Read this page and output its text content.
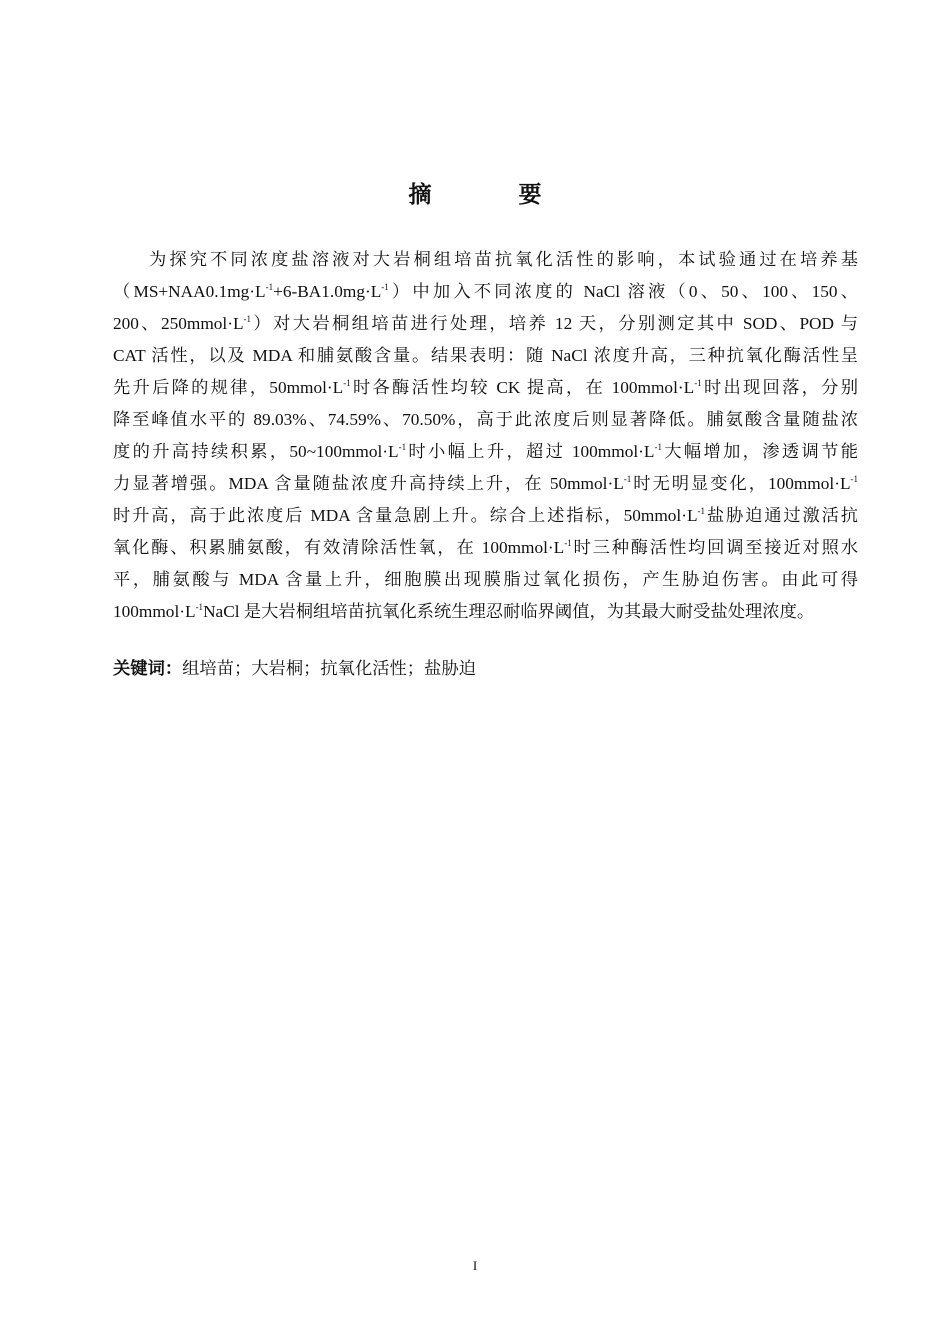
摘　要

为探究不同浓度盐溶液对大岩桐组培苗抗氧化活性的影响，本试验通过在培养基
$(MS+NAA0.1mg\cdot L^{-1}+6-BA1.0mg\cdot L^{-1})$中加入不同浓度的 NaCl 溶液（0、50、100、150、
200、$250mmol\cdot L^{-1}$）对大岩桐组培苗进行处理，培养 12 天，分别测定其中 SOD、POD 与
CAT 活性，以及 MDA 和脯氨酸含量。结果表明：随 NaCl 浓度升高，三种抗氧化酶活性呈
先升后降的规律，$50mmol\cdot L^{-1}$时各酶活性均较 CK 提高，在 $100mmol\cdot L^{-1}$时出现回落，分别
降至峰值水平的 89.03%、74.59%、70.50%，高于此浓度后则显著降低。脯氨酸含量随盐浓
度的升高持续积累，$50\sim 100mmol\cdot L^{-1}$时小幅上升，超过 $100mmol\cdot L^{-1}$大幅增加，渗透调节能
力显著增强。MDA 含量随盐浓度升高持续上升，在 $50mmol\cdot L^{-1}$时无明显变化，$100mmol\cdot L^{-1}$
时升高，高于此浓度后 MDA 含量急剧上升。综合上述指标，$50mmol\cdot L^{-1}$盐胁迫通过激活抗
氧化酶、积累脯氨酸，有效清除活性氧，在 $100mmol\cdot L^{-1}$时三种酶活性均回调至接近对照水
平，脯氨酸与 MDA 含量上升，细胞膜出现膜脂过氧化损伤，产生胁迫伤害。由此可得
$100mmol\cdot L^{-1}NaCl$ 是大岩桐组培苗抗氧化系统生理忍耐临界阈值，为其最大耐受盐处理浓度。

关键词：组培苗；大岩桐；抗氧化活性；盐胁迫
I
